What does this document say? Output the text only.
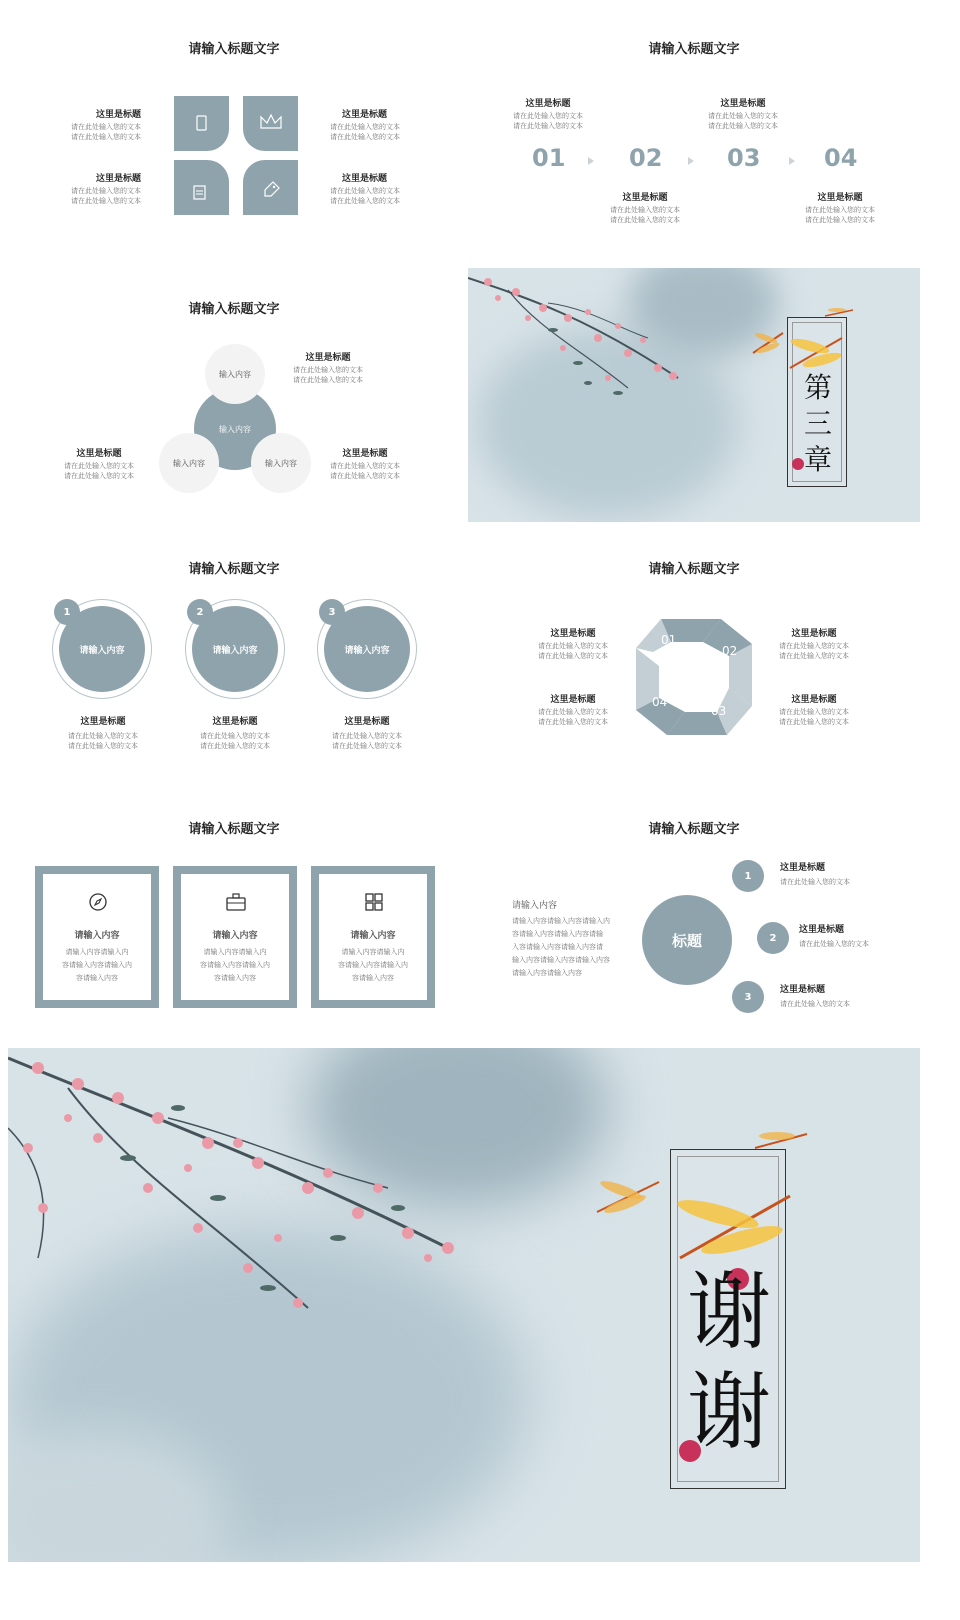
请输入标题文字
这里是标题
请在此处输入您的文本
请在此处输入您的文本
这里是标题
请在此处输入您的文本
请在此处输入您的文本
这里是标题
请在此处输入您的文本
请在此处输入您的文本
这里是标题
请在此处输入您的文本
请在此处输入您的文本
请输入标题文字
这里是标题
请在此处输入您的文本
请在此处输入您的文本
这里是标题
请在此处输入您的文本
请在此处输入您的文本
01	02	03	04
这里是标题
请在此处输入您的文本
请在此处输入您的文本
这里是标题
请在此处输入您的文本
请在此处输入您的文本
请输入标题文字
输入内容
输入内容
输入内容	输入内容
这里是标题
请在此处输入您的文本
请在此处输入您的文本
这里是标题
请在此处输入您的文本
请在此处输入您的文本
这里是标题
请在此处输入您的文本
请在此处输入您的文本
第
三
章
请输入标题文字
请输入内容
1
请输入内容
2
请输入内容
3
这里是标题
请在此处输入您的文本
请在此处输入您的文本
这里是标题
请在此处输入您的文本
请在此处输入您的文本
这里是标题
请在此处输入您的文本
请在此处输入您的文本
请输入标题文字
01
02
03
04
这里是标题
请在此处输入您的文本
请在此处输入您的文本
这里是标题
请在此处输入您的文本
请在此处输入您的文本
这里是标题
请在此处输入您的文本
请在此处输入您的文本
这里是标题
请在此处输入您的文本
请在此处输入您的文本
请输入标题文字
请输入内容
请输入内容请输入内
容请输入内容请输入内
容请输入内容
请输入内容
请输入内容请输入内
容请输入内容请输入内
容请输入内容
请输入内容
请输入内容请输入内
容请输入内容请输入内
容请输入内容
请输入标题文字
请输入内容
请输入内容请输入内容请输入内
容请输入内容请输入内容请输
入容请输入内容请输入内容请
输入内容请输入内容请输入内容
请输入内容请输入内容
标题
1
这里是标题
请在此处输入您的文本
2
这里是标题
请在此处输入您的文本
3
这里是标题
请在此处输入您的文本
谢
谢
